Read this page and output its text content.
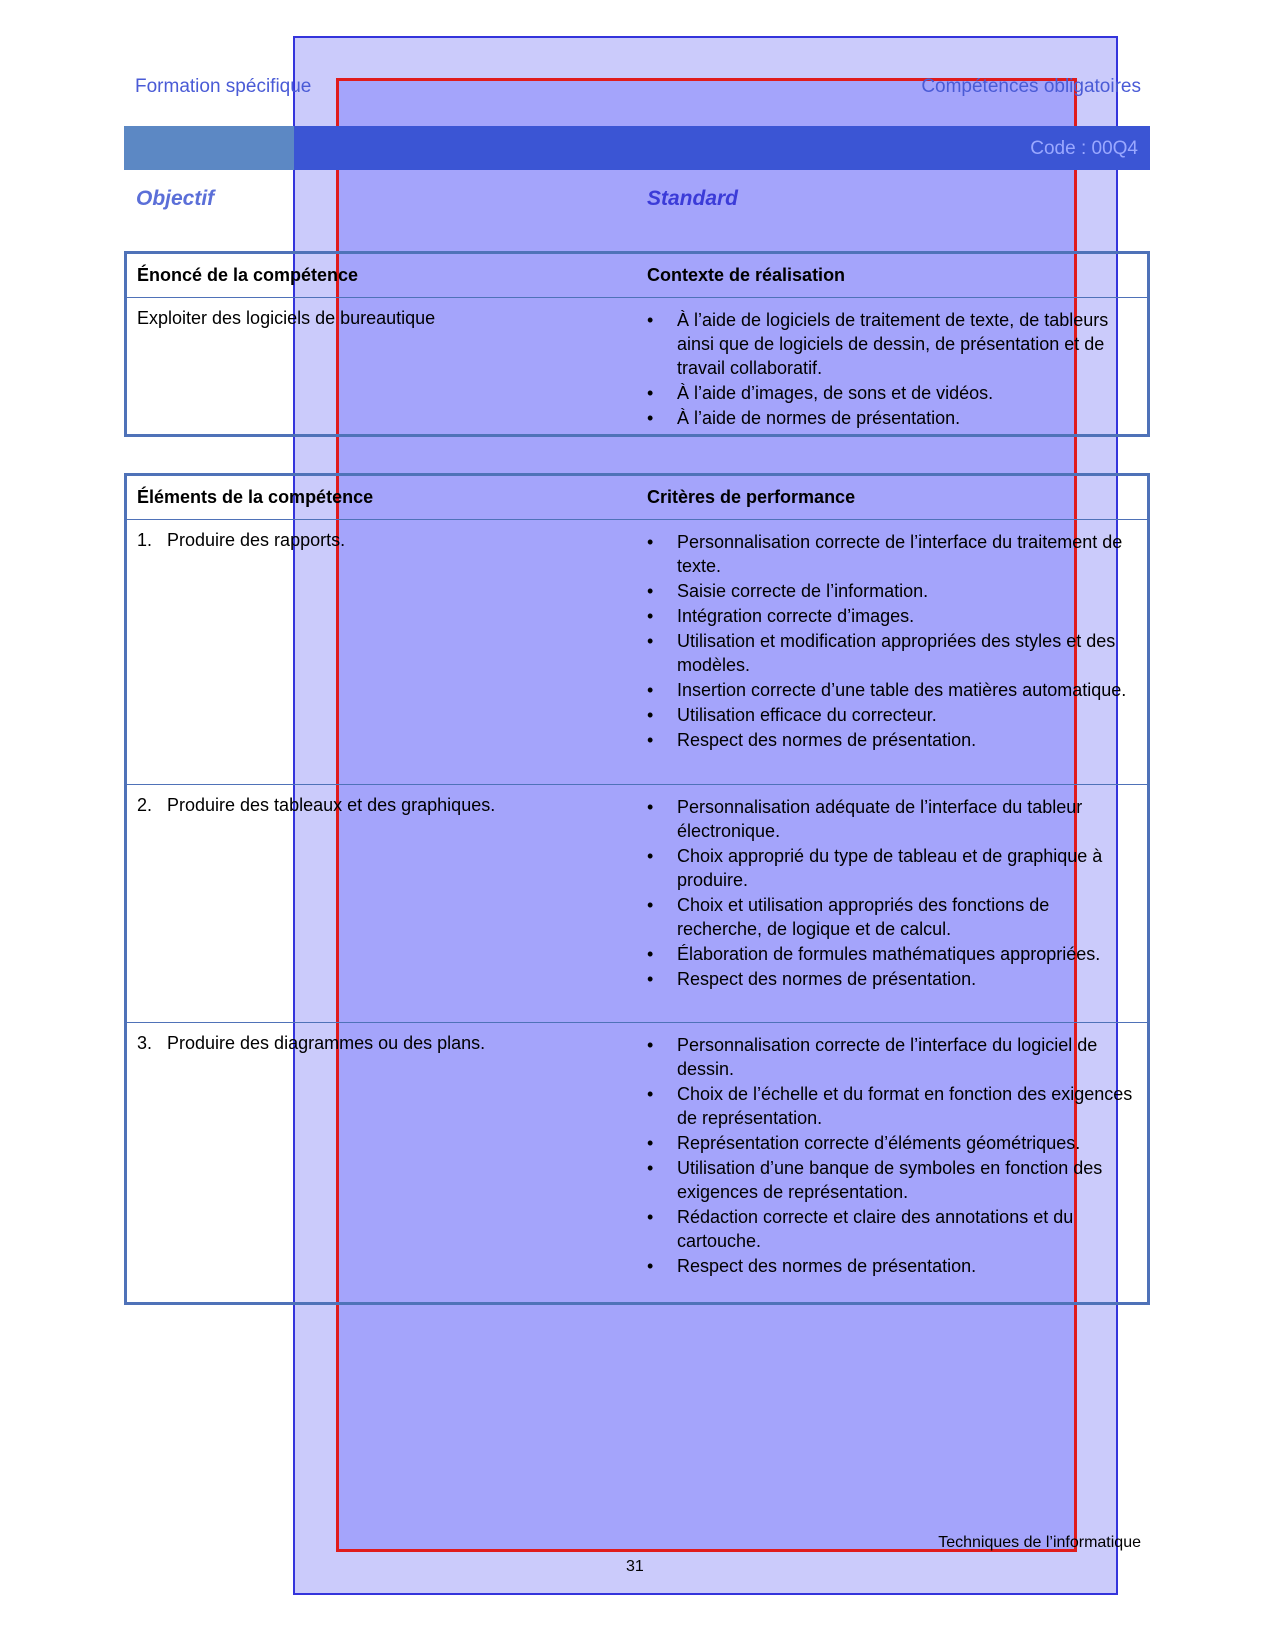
Formation spécifique	Compétences obligatoires
Code : 00Q4
Objectif	Standard
Énoncé de la compétence	Contexte de réalisation
Exploiter des logiciels de bureautique	• À l’aide de logiciels de traitement de texte, de tableurs ainsi que de logiciels de dessin, de présentation et de travail collaboratif.
• À l’aide d’images, de sons et de vidéos.
• À l’aide de normes de présentation.
Éléments de la compétence	Critères de performance
1. Produire des rapports.	• Personnalisation correcte de l’interface du traitement de texte.
• Saisie correcte de l’information.
• Intégration correcte d’images.
• Utilisation et modification appropriées des styles et des modèles.
• Insertion correcte d’une table des matières automatique.
• Utilisation efficace du correcteur.
• Respect des normes de présentation.
2. Produire des tableaux et des graphiques.	• Personnalisation adéquate de l’interface du tableur électronique.
• Choix approprié du type de tableau et de graphique à produire.
• Choix et utilisation appropriés des fonctions de recherche, de logique et de calcul.
• Élaboration de formules mathématiques appropriées.
• Respect des normes de présentation.
3. Produire des diagrammes ou des plans.	• Personnalisation correcte de l’interface du logiciel de dessin.
• Choix de l’échelle et du format en fonction des exigences de représentation.
• Représentation correcte d’éléments géométriques.
• Utilisation d’une banque de symboles en fonction des exigences de représentation.
• Rédaction correcte et claire des annotations et du cartouche.
• Respect des normes de présentation.
Techniques de l’informatique
31
